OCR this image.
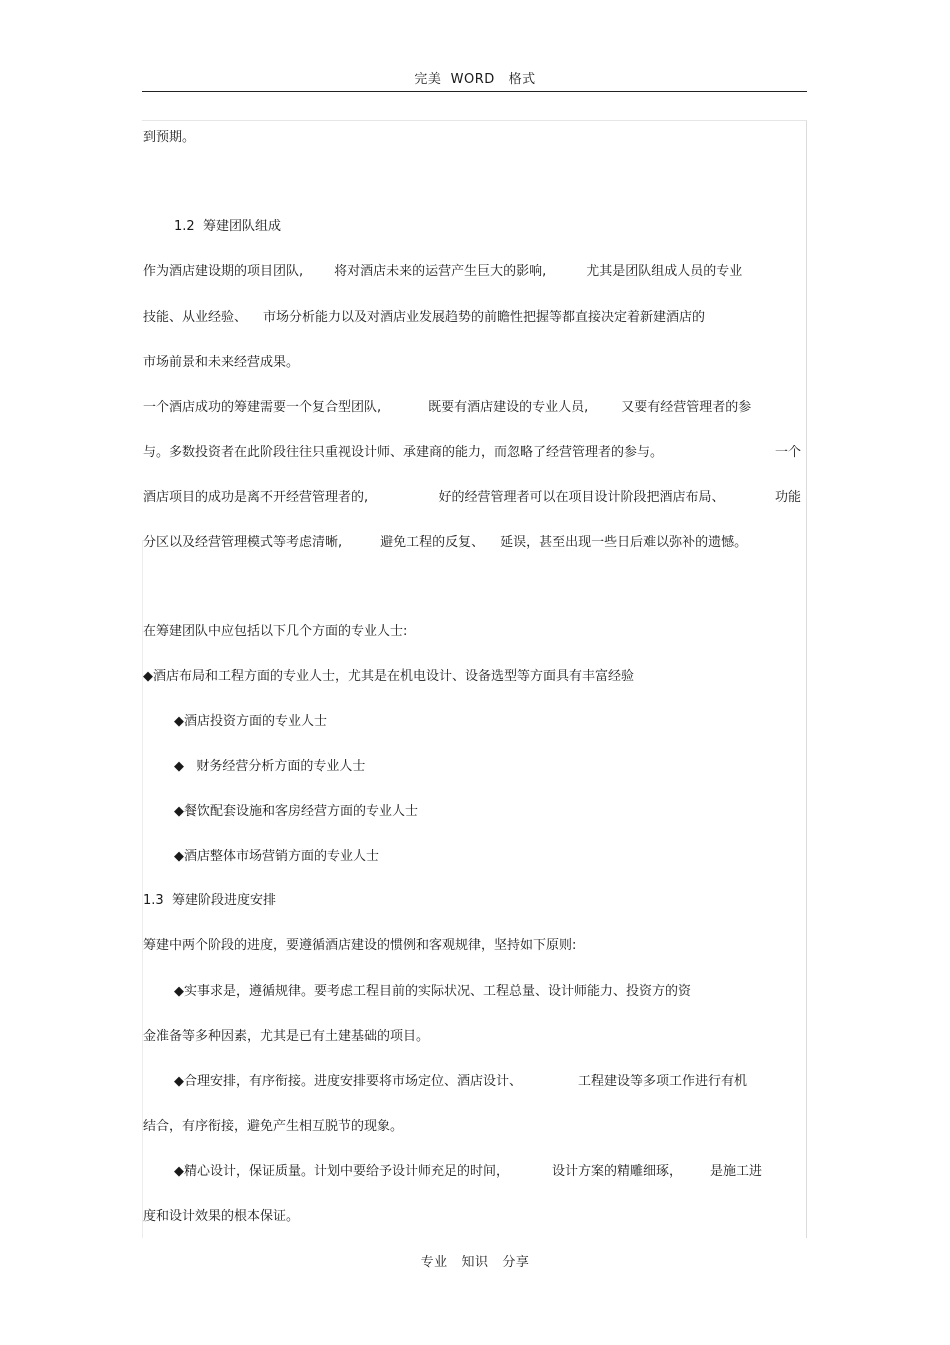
完美  WORD   格式
到预期。
1.2  筹建团队组成
作为酒店建设期的项目团队, 将对酒店未来的运营产生巨大的影响,	尤其是团队组成人员的专业
技能、从业经验、 市场分析能力以及对酒店业发展趋势的前瞻性把握等都直接决定着新建酒店的
市场前景和未来经营成果。
一个酒店成功的筹建需要一个复合型团队,	既要有酒店建设的专业人员,	又要有经营管理者的参
与。多数投资者在此阶段往往只重视设计师、承建商的能力，而忽略了经营管理者的参与。	一个
酒店项目的成功是离不开经营管理者的,	好的经营管理者可以在项目设计阶段把酒店布局、	功能
分区以及经营管理模式等考虑清晰,	避免工程的反复、 延误，甚至出现一些日后难以弥补的遗憾。
在筹建团队中应包括以下几个方面的专业人士:
◆酒店布局和工程方面的专业人士，尤其是在机电设计、设备选型等方面具有丰富经验
◆酒店投资方面的专业人士
◆   财务经营分析方面的专业人士
◆餐饮配套设施和客房经营方面的专业人士
◆酒店整体市场营销方面的专业人士
1.3  筹建阶段进度安排
筹建中两个阶段的进度，要遵循酒店建设的惯例和客观规律，坚持如下原则:
◆实事求是，遵循规律。要考虑工程目前的实际状况、工程总量、设计师能力、投资方的资
金准备等多种因素，尤其是已有土建基础的项目。
◆合理安排，有序衔接。进度安排要将市场定位、酒店设计、	工程建设等多项工作进行有机
结合，有序衔接，避免产生相互脱节的现象。
◆精心设计，保证质量。计划中要给予设计师充足的时间，	设计方案的精雕细琢， 是施工进
度和设计效果的根本保证。
专业   知识   分享
